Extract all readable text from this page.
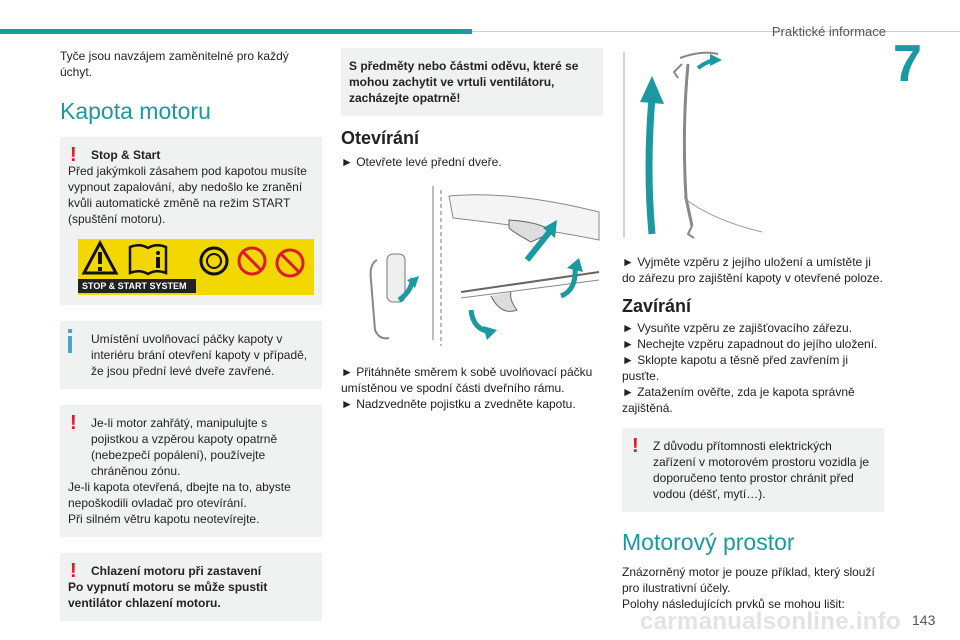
Praktické informace
7

Tyče jsou navzájem zaměnitelné pro každý úchyt.

Kapota motoru
!	Stop & Start

Před jakýmkoli zásahem pod kapotou musíte vypnout zapalování, aby nedošlo ke zranění kvůli automatické změně na režim START (spuštění motoru).

STOP & START SYSTEM

Umístění uvolňovací páčky kapoty v interiéru brání otevření kapoty v případě, že jsou přední levé dveře zavřené.

!	Je-li motor zahřátý, manipulujte s pojistkou a vzpěrou kapoty opatrně (nebezpečí popálení), používejte chráněnou zónu.

Je-li kapota otevřená, dbejte na to, abyste nepoškodili ovladač pro otevírání.

Při silném větru kapotu neotevírejte.

!	Chlazení motoru při zastavení

Po vypnutí motoru se může spustit ventilátor chlazení motoru.

S předměty nebo částmi oděvu, které se mohou zachytit ve vrtuli ventilátoru, zacházejte opatrně!

Otevírání

► Otevřete levé přední dveře.

► Přitáhněte směrem k sobě uvolňovací páčku umístěnou ve spodní části dveřního rámu.

► Nadzvedněte pojistku a zvedněte kapotu.

► Vyjměte vzpěru z jejího uložení a umístěte ji do zářezu pro zajištění kapoty v otevřené poloze.

Zavírání

► Vysuňte vzpěru ze zajišťovacího zářezu.

► Nechejte vzpěru zapadnout do jejího uložení.

► Sklopte kapotu a těsně před zavřením ji pusťte.

► Zatažením ověřte, zda je kapota správně zajištěná.

!	Z důvodu přítomnosti elektrických zařízení v motorovém prostoru vozidla je doporučeno tento prostor chránit před vodou (déšť, mytí…).

Motorový prostor

Znázorněný motor je pouze příklad, který slouží pro ilustrativní účely.

Polohy následujících prvků se mohou lišit:

carmanualsonline.info 143
